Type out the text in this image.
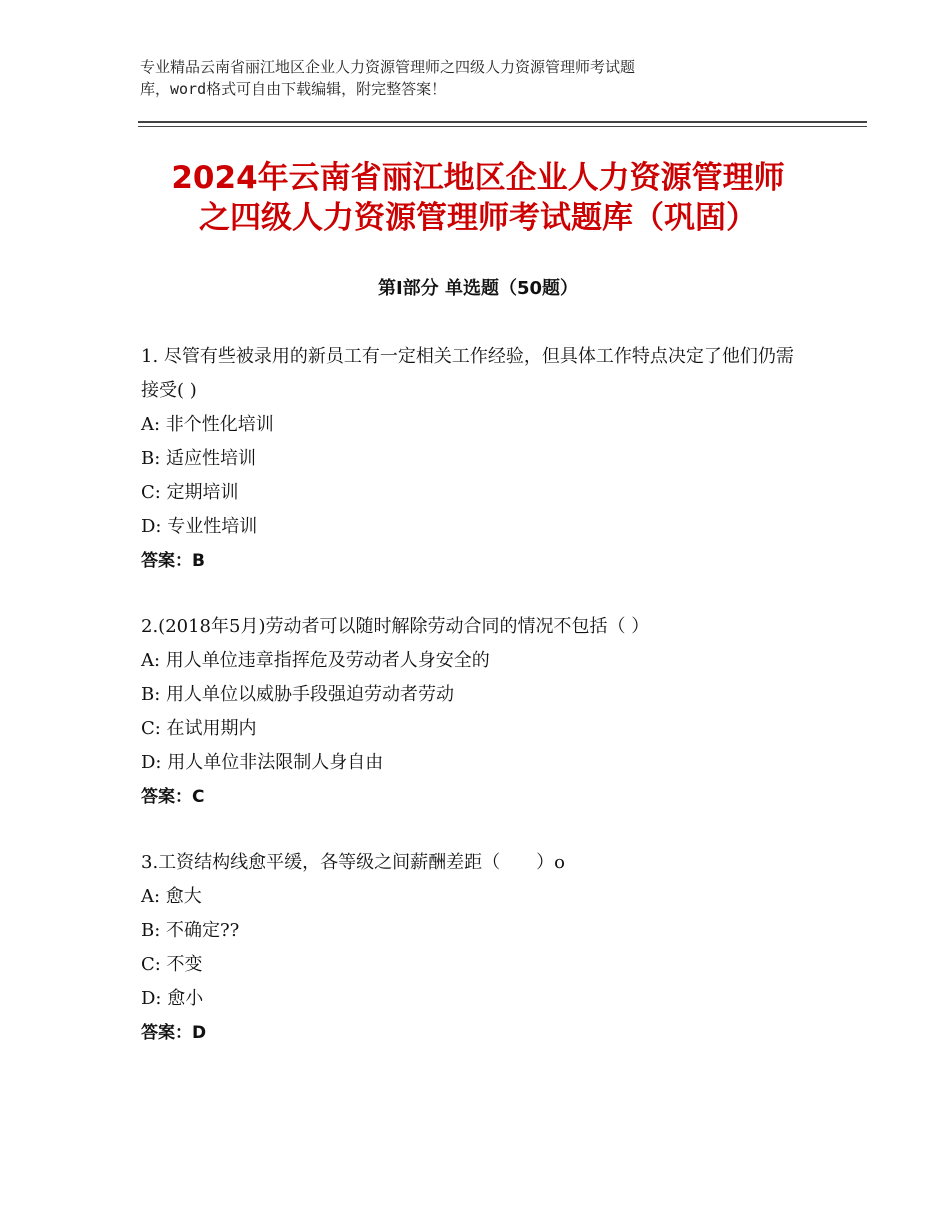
专业精品云南省丽江地区企业人力资源管理师之四级人力资源管理师考试题
库，word格式可自由下载编辑，附完整答案！
2024年云南省丽江地区企业人力资源管理师
之四级人力资源管理师考试题库（巩固）
第Ⅰ部分 单选题（50题）

1. 尽管有些被录用的新员工有一定相关工作经验，但具体工作特点决定了他们仍需接受( )

A: 非个性化培训
B: 适应性培训
C: 定期培训
D: 专业性培训
答案：B

2.(2018年5月)劳动者可以随时解除劳动合同的情况不包括（ ）

A: 用人单位违章指挥危及劳动者人身安全的
B: 用人单位以威胁手段强迫劳动者劳动
C: 在试用期内
D: 用人单位非法限制人身自由
答案：C

3.工资结构线愈平缓，各等级之间薪酬差距（　　）o

A: 愈大
B: 不确定??
C: 不变
D: 愈小
答案：D
